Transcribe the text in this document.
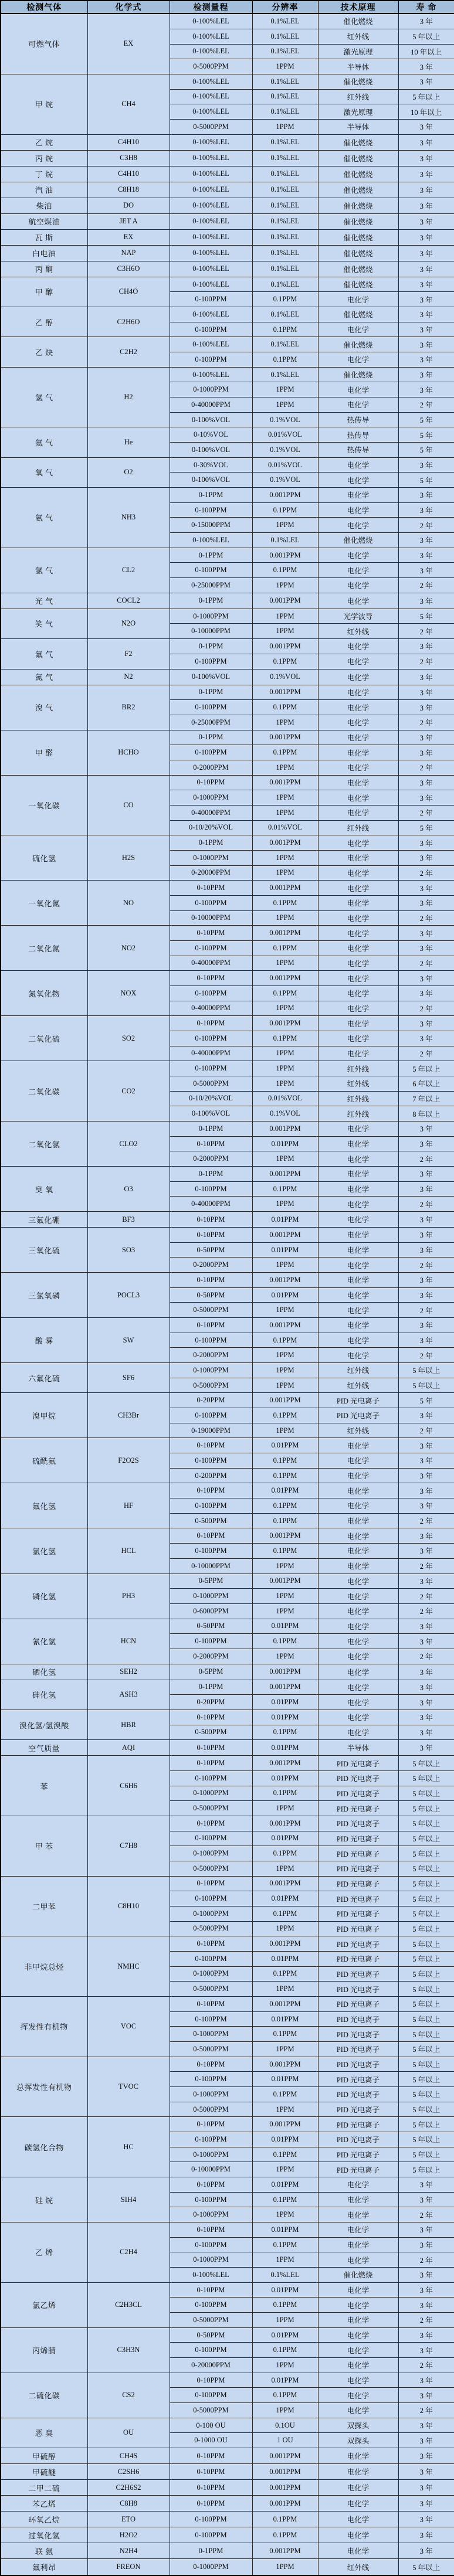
检测气体	化学式	检测量程	分辨率	技术原理	寿 命
可燃气体	EX	0-100%LEL	0.1%LEL	催化燃烧	3 年
		0-100%LEL	0.1%LEL	红外线	5 年以上
		0-100%LEL	0.1%LEL	激光原理	10 年以上
		0-5000PPM	1PPM	半导体	3 年
甲 烷	CH4	0-100%LEL	0.1%LEL	催化燃烧	3 年
		0-100%LEL	0.1%LEL	红外线	5 年以上
		0-100%LEL	0.1%LEL	激光原理	10 年以上
		0-5000PPM	1PPM	半导体	3 年
乙 烷	C4H10	0-100%LEL	0.1%LEL	催化燃烧	3 年
丙 烷	C3H8	0-100%LEL	0.1%LEL	催化燃烧	3 年
丁 烷	C4H10	0-100%LEL	0.1%LEL	催化燃烧	3 年
汽 油	C8H18	0-100%LEL	0.1%LEL	催化燃烧	3 年
柴油	DO	0-100%LEL	0.1%LEL	催化燃烧	3 年
航空煤油	JET A	0-100%LEL	0.1%LEL	催化燃烧	3 年
瓦 斯	EX	0-100%LEL	0.1%LEL	催化燃烧	3 年
白电油	NAP	0-100%LEL	0.1%LEL	催化燃烧	3 年
丙 酮	C3H6O	0-100%LEL	0.1%LEL	催化燃烧	3 年
甲 醇	CH4O	0-100%LEL	0.1%LEL	催化燃烧	3 年
		0-100PPM	0.1PPM	电化学	3 年
乙 醇	C2H6O	0-100%LEL	0.1%LEL	催化燃烧	3 年
		0-100PPM	0.1PPM	电化学	3 年
乙 炔	C2H2	0-100%LEL	0.1%LEL	催化燃烧	3 年
		0-100PPM	0.1PPM	电化学	3 年
氢 气	H2	0-100%LEL	0.1%LEL	催化燃烧	3 年
		0-1000PPM	1PPM	电化学	3 年
		0-40000PPM	1PPM	电化学	2 年
		0-100%VOL	0.1%VOL	热传导	5 年
氦 气	He	0-10%VOL	0.01%VOL	热传导	5 年
		0-100%VOL	0.1%VOL	热传导	5 年
氧 气	O2	0-30%VOL	0.01%VOL	电化学	3 年
		0-100%VOL	0.1%VOL	电化学	5 年
氨 气	NH3	0-1PPM	0.001PPM	电化学	3 年
		0-100PPM	0.1PPM	电化学	3 年
		0-15000PPM	1PPM	电化学	2 年
		0-100%LEL	0.1%LEL	催化燃烧	3 年
氯 气	CL2	0-1PPM	0.001PPM	电化学	3 年
		0-100PPM	0.1PPM	电化学	3 年
		0-25000PPM	1PPM	电化学	2 年
光 气	COCL2	0-1PPM	0.001PPM	电化学	3 年
笑 气	N2O	0-1000PPM	1PPM	光学波导	5 年
		0-10000PPM	1PPM	红外线	2 年
氟 气	F2	0-1PPM	0.001PPM	电化学	3 年
		0-100PPM	0.1PPM	电化学	2 年
氮 气	N2	0-100%VOL	0.1%VOL	电化学	3 年
溴 气	BR2	0-1PPM	0.001PPM	电化学	3 年
		0-100PPM	0.1PPM	电化学	3 年
		0-25000PPM	1PPM	电化学	2 年
甲 醛	HCHO	0-1PPM	0.001PPM	电化学	3 年
		0-100PPM	0.1PPM	电化学	3 年
		0-2000PPM	1PPM	电化学	2 年
一氧化碳	CO	0-10PPM	0.001PPM	电化学	3 年
		0-1000PPM	1PPM	电化学	3 年
		0-40000PPM	1PPM	电化学	2 年
		0-10/20%VOL	0.01%VOL	红外线	5 年
硫化氢	H2S	0-1PPM	0.001PPM	电化学	3 年
		0-1000PPM	1PPM	电化学	3 年
		0-20000PPM	1PPM	电化学	2 年
一氧化氮	NO	0-10PPM	0.001PPM	电化学	3 年
		0-100PPM	0.1PPM	电化学	3 年
		0-10000PPM	1PPM	电化学	2 年
二氧化氮	NO2	0-10PPM	0.001PPM	电化学	3 年
		0-100PPM	0.1PPM	电化学	3 年
		0-40000PPM	1PPM	电化学	2 年
氮氧化物	NOX	0-10PPM	0.001PPM	电化学	3 年
		0-100PPM	0.1PPM	电化学	3 年
		0-40000PPM	1PPM	电化学	2 年
二氧化硫	SO2	0-10PPM	0.001PPM	电化学	3 年
		0-100PPM	0.1PPM	电化学	3 年
		0-40000PPM	1PPM	电化学	2 年
二氧化碳	CO2	0-100PPM	1PPM	红外线	5 年以上
		0-5000PPM	1PPM	红外线	6 年以上
		0-10/20%VOL	0.01%VOL	红外线	7 年以上
		0-100%VOL	0.1%VOL	红外线	8 年以上
二氧化氯	CLO2	0-1PPM	0.001PPM	电化学	3 年
		0-10PPM	0.01PPM	电化学	3 年
		0-2000PPM	1PPM	电化学	2 年
臭 氧	O3	0-1PPM	0.001PPM	电化学	3 年
		0-100PPM	0.1PPM	电化学	3 年
		0-40000PPM	1PPM	电化学	2 年
三氟化硼	BF3	0-10PPM	0.01PPM	电化学	3 年
三氧化硫	SO3	0-10PPM	0.001PPM	电化学	3 年
		0-50PPM	0.01PPM	电化学	3 年
		0-2000PPM	1PPM	电化学	2 年
三氯氧磷	POCL3	0-10PPM	0.001PPM	电化学	3 年
		0-50PPM	0.01PPM	电化学	3 年
		0-5000PPM	1PPM	电化学	2 年
酸 雾	SW	0-10PPM	0.001PPM	电化学	3 年
		0-100PPM	0.1PPM	电化学	3 年
		0-2000PPM	1PPM	电化学	2 年
六氟化硫	SF6	0-1000PPM	1PPM	红外线	5 年以上
		0-5000PPM	1PPM	红外线	5 年以上
溴甲烷	CH3Br	0-20PPM	0.001PPM	PID 光电离子	5 年
		0-100PPM	0.1PPM	PID 光电离子	3 年
		0-19000PPM	1PPM	红外线	2 年
硫酰氟	F2O2S	0-10PPM	0.01PPM	电化学	3 年
		0-100PPM	0.1PPM	电化学	3 年
		0-200PPM	0.1PPM	电化学	3 年
氟化氢	HF	0-10PPM	0.01PPM	电化学	3 年
		0-100PPM	0.1PPM	电化学	3 年
		0-500PPM	0.1PPM	电化学	2 年
氯化氢	HCL	0-10PPM	0.001PPM	电化学	3 年
		0-100PPM	0.1PPM	电化学	3 年
		0-10000PPM	1PPM	电化学	2 年
磷化氢	PH3	0-5PPM	0.001PPM	电化学	3 年
		0-1000PPM	1PPM	电化学	2 年
		0-6000PPM	1PPM	电化学	2 年
氰化氢	HCN	0-50PPM	0.01PPM	电化学	3 年
		0-100PPM	0.1PPM	电化学	3 年
		0-2000PPM	1PPM	电化学	2 年
硒化氢	SEH2	0-5PPM	0.001PPM	电化学	3 年
砷化氢	ASH3	0-1PPM	0.001PPM	电化学	3 年
		0-20PPM	0.01PPM	电化学	3 年
溴化氢/氢溴酸	HBR	0-10PPM	0.01PPM	电化学	3 年
		0-500PPM	0.1PPM	电化学	3 年
空气质量	AQI	0-10PPM	0.01PPM	半导体	3 年
苯	C6H6	0-10PPM	0.001PPM	PID 光电离子	5 年以上
		0-100PPM	0.01PPM	PID 光电离子	5 年以上
		0-1000PPM	0.1PPM	PID 光电离子	5 年以上
		0-5000PPM	1PPM	PID 光电离子	5 年以上
甲 苯	C7H8	0-10PPM	0.001PPM	PID 光电离子	5 年以上
		0-100PPM	0.01PPM	PID 光电离子	5 年以上
		0-1000PPM	0.1PPM	PID 光电离子	5 年以上
		0-5000PPM	1PPM	PID 光电离子	5 年以上
二甲苯	C8H10	0-10PPM	0.001PPM	PID 光电离子	5 年以上
		0-100PPM	0.01PPM	PID 光电离子	5 年以上
		0-1000PPM	0.1PPM	PID 光电离子	5 年以上
		0-5000PPM	1PPM	PID 光电离子	5 年以上
非甲烷总烃	NMHC	0-10PPM	0.001PPM	PID 光电离子	5 年以上
		0-100PPM	0.01PPM	PID 光电离子	5 年以上
		0-1000PPM	0.1PPM	PID 光电离子	5 年以上
		0-5000PPM	1PPM	PID 光电离子	5 年以上
挥发性有机物	VOC	0-10PPM	0.001PPM	PID 光电离子	5 年以上
		0-100PPM	0.01PPM	PID 光电离子	5 年以上
		0-1000PPM	0.1PPM	PID 光电离子	5 年以上
		0-5000PPM	1PPM	PID 光电离子	5 年以上
总挥发性有机物	TVOC	0-10PPM	0.001PPM	PID 光电离子	5 年以上
		0-100PPM	0.01PPM	PID 光电离子	5 年以上
		0-1000PPM	0.1PPM	PID 光电离子	5 年以上
		0-5000PPM	1PPM	PID 光电离子	5 年以上
碳氢化合物	HC	0-10PPM	0.001PPM	PID 光电离子	5 年以上
		0-100PPM	0.01PPM	PID 光电离子	5 年以上
		0-1000PPM	0.1PPM	PID 光电离子	5 年以上
		0-10000PPM	1PPM	PID 光电离子	5 年以上
硅 烷	SIH4	0-10PPM	0.01PPM	电化学	3 年
		0-100PPM	0.1PPM	电化学	3 年
		0-1000PPM	1PPM	电化学	2 年
乙 烯	C2H4	0-10PPM	0.01PPM	电化学	3 年
		0-100PPM	0.1PPM	电化学	3 年
		0-1000PPM	1PPM	电化学	2 年
		0-100%LEL	0.1%LEL	催化燃烧	3 年
氯乙烯	C2H3CL	0-10PPM	0.01PPM	电化学	3 年
		0-100PPM	0.1PPM	电化学	3 年
		0-5000PPM	1PPM	电化学	2 年
丙烯腈	C3H3N	0-50PPM	0.01PPM	电化学	3 年
		0-100PPM	0.1PPM	电化学	3 年
		0-20000PPM	1PPM	电化学	2 年
二硫化碳	CS2	0-10PPM	0.01PPM	电化学	3 年
		0-100PPM	0.1PPM	电化学	3 年
		0-5000PPM	1PPM	电化学	2 年
恶 臭	OU	0-100 OU	0.1OU	双探头	3 年
		0-1000 OU	1 OU	双探头	3 年
甲硫醇	CH4S	0-10PPM	0.001PPM	电化学	3 年
甲硫醚	C2SH6	0-10PPM	0.001PPM	电化学	3 年
二甲二硫	C2H6S2	0-10PPM	0.001PPM	电化学	3 年
苯乙烯	C8H8	0-10PPM	0.001PPM	电化学	3 年
环氧乙烷	ETO	0-100PPM	0.1PPM	电化学	3 年
过氧化氢	H2O2	0-100PPM	0.1PPM	电化学	3 年
联 氨	N2H4	0-1PPM	0.001PPM	电化学	3 年
氟利昂	FREON	0-1000PPM	1PPM	红外线	5 年以上
